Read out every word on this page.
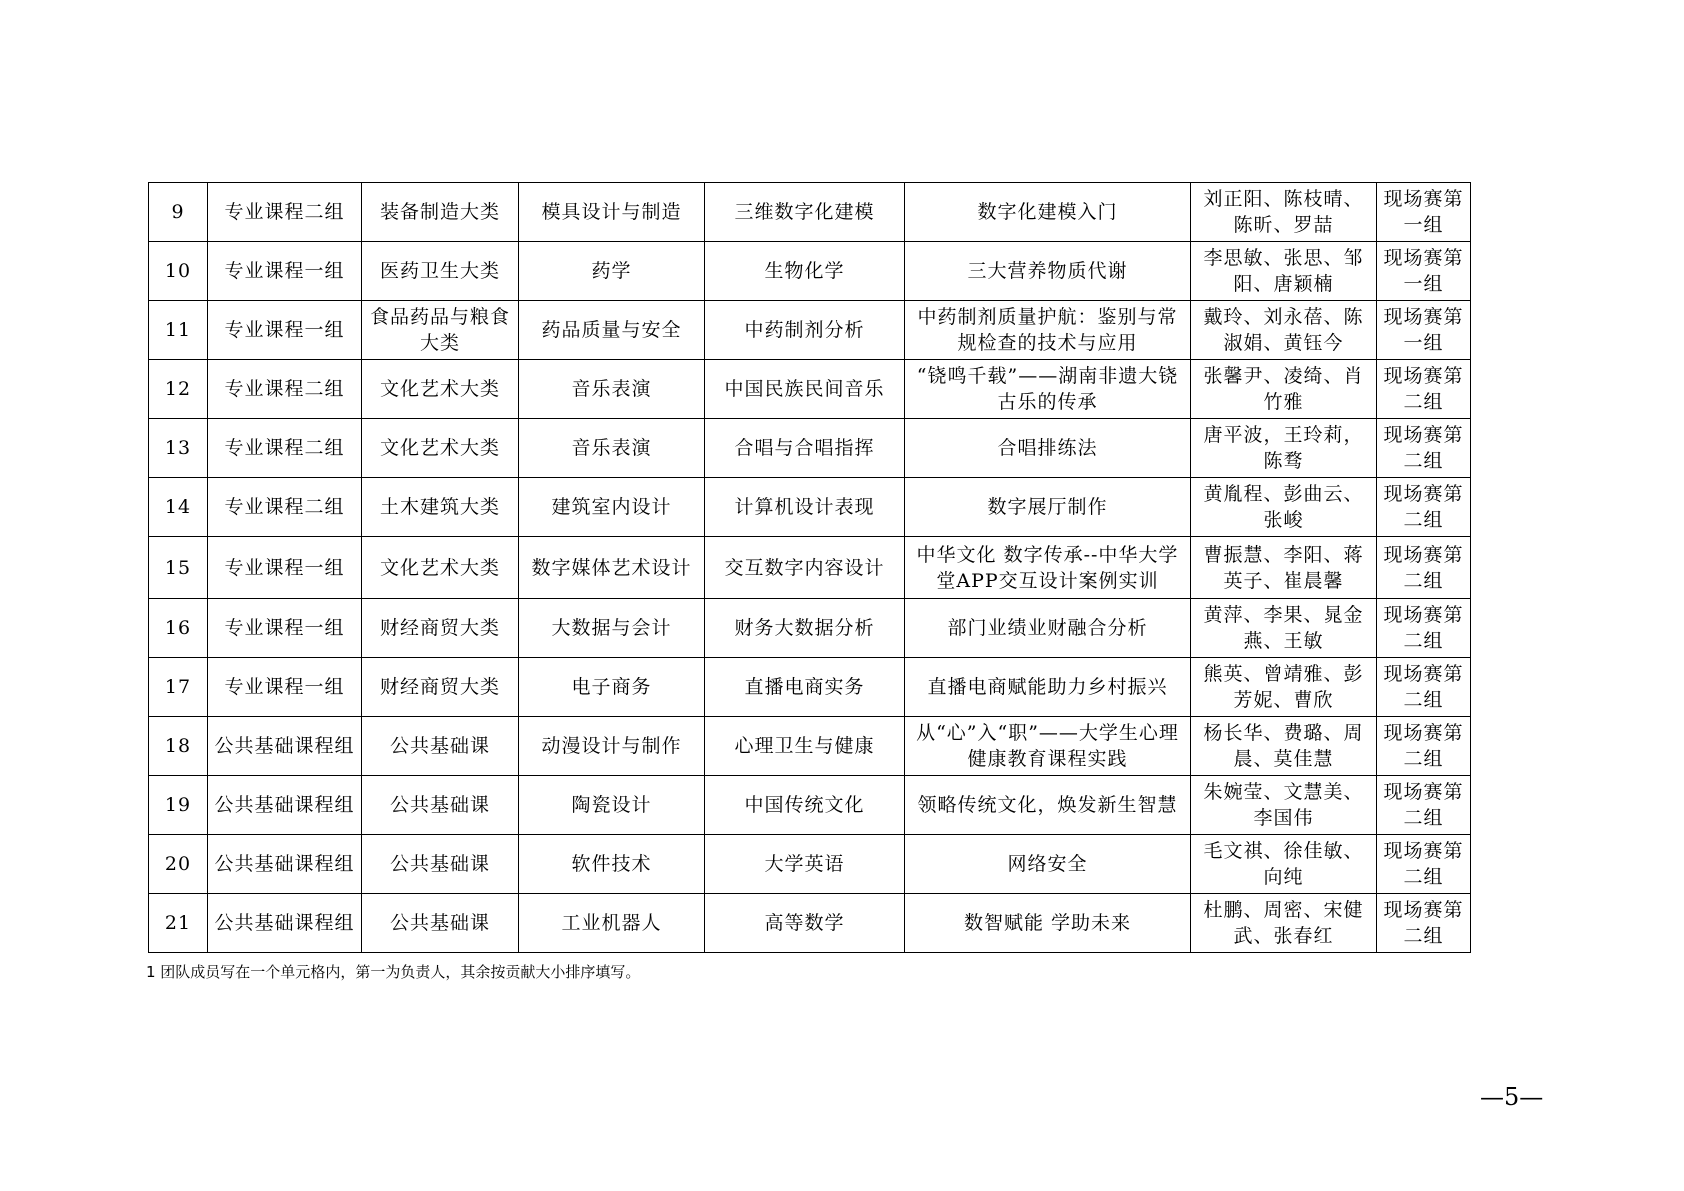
9	专业课程二组	装备制造大类	模具设计与制造	三维数字化建模	数字化建模入门	刘正阳、陈枝晴、陈昕、罗喆	现场赛第一组
10	专业课程一组	医药卫生大类	药学	生物化学	三大营养物质代谢	李思敏、张思、邹阳、唐颖楠	现场赛第一组
11	专业课程一组	食品药品与粮食大类	药品质量与安全	中药制剂分析	中药制剂质量护航：鉴别与常规检查的技术与应用	戴玲、刘永蓓、陈淑娟、黄钰今	现场赛第一组
12	专业课程二组	文化艺术大类	音乐表演	中国民族民间音乐	“铙鸣千载”——湖南非遗大铙古乐的传承	张馨尹、凌绮、肖竹雅	现场赛第二组
13	专业课程二组	文化艺术大类	音乐表演	合唱与合唱指挥	合唱排练法	唐平波，王玲莉，陈骛	现场赛第二组
14	专业课程二组	土木建筑大类	建筑室内设计	计算机设计表现	数字展厅制作	黄胤程、彭曲云、张峻	现场赛第二组
15	专业课程一组	文化艺术大类	数字媒体艺术设计	交互数字内容设计	中华文化 数字传承--中华大学堂APP交互设计案例实训	曹振慧、李阳、蒋英子、崔晨馨	现场赛第二组
16	专业课程一组	财经商贸大类	大数据与会计	财务大数据分析	部门业绩业财融合分析	黄萍、李果、晁金燕、王敏	现场赛第二组
17	专业课程一组	财经商贸大类	电子商务	直播电商实务	直播电商赋能助力乡村振兴	熊英、曾靖雅、彭芳妮、曹欣	现场赛第二组
18	公共基础课程组	公共基础课	动漫设计与制作	心理卫生与健康	从“心”入“职”——大学生心理健康教育课程实践	杨长华、费璐、周晨、莫佳慧	现场赛第二组
19	公共基础课程组	公共基础课	陶瓷设计	中国传统文化	领略传统文化，焕发新生智慧	朱婉莹、文慧美、李国伟	现场赛第二组
20	公共基础课程组	公共基础课	软件技术	大学英语	网络安全	毛文祺、徐佳敏、向纯	现场赛第二组
21	公共基础课程组	公共基础课	工业机器人	高等数学	数智赋能 学助未来	杜鹏、周密、宋健武、张春红	现场赛第二组
1 团队成员写在一个单元格内，第一为负责人，其余按贡献大小排序填写。
—5—
